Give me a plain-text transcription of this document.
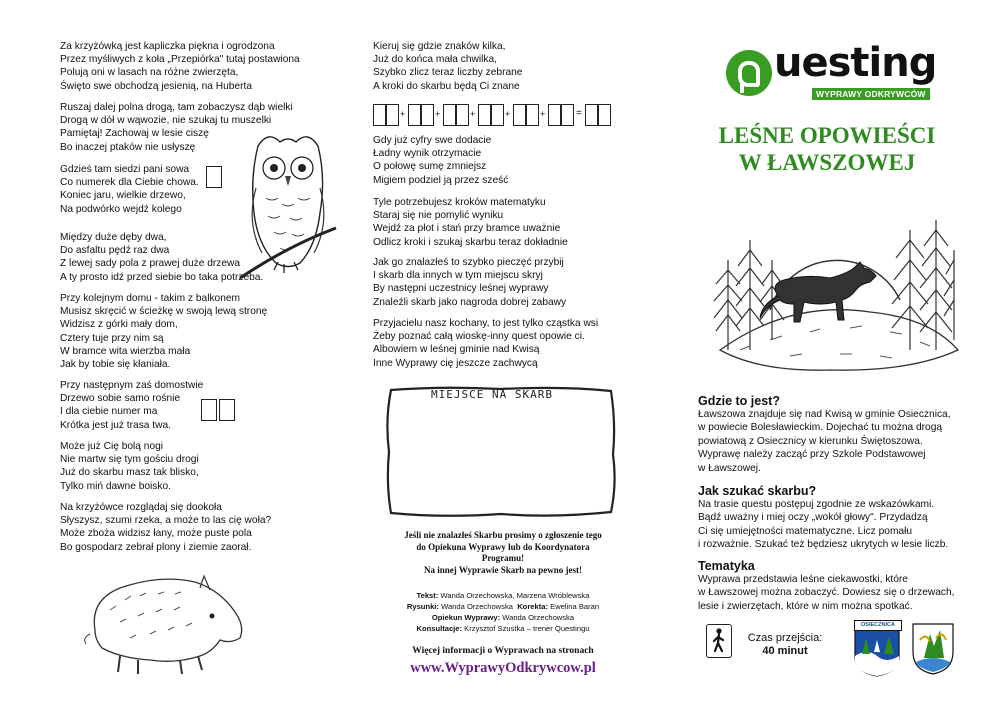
Za krzyżówką jest kapliczka piękna i ogrodzona
Przez myśliwych z koła „Przepiórka" tutaj postawiona
Polują oni w lasach na różne zwierzęta,
Święto swe obchodzą jesienią, na Huberta
Ruszaj dalej polna drogą, tam zobaczysz dąb wielki
Drogą w dół w wąwozie, nie szukaj tu muszelki
Pamiętaj! Zachowaj w lesie ciszę
Bo inaczej ptaków nie usłyszę
Gdzieś tam siedzi pani sowa
Co numerek dla Ciebie chowa.
Koniec jaru, wielkie drzewo,
Na podwórko wejdź kolego
Między duże dęby dwa,
Do asfaltu pędź raz dwa
Z lewej sady pola z prawej duże drzewa
A ty prosto idź przed siebie bo taka potrzeba.
Przy kolejnym domu - takim z balkonem
Musisz skręcić w ścieżkę w swoją lewą stronę
Widzisz z górki mały dom,
Cztery tuje przy nim są
W bramce wita wierzba mała
Jak by tobie się kłaniała.
Przy następnym zaś domostwie
Drzewo sobie samo rośnie
I dla ciebie numer ma
Krótka jest już trasa twa.
Może już Cię bolą nogi
Nie martw się tym gościu drogi
Już do skarbu masz tak blisko,
Tylko miń dawne boisko.
Na krzyżówce rozglądaj się dookoła
Słyszysz, szumi rzeka, a może to las cię woła?
Może zboża widzisz łany, może puste pola
Bo gospodarz zebrał plony i ziemie zaorał.
Kieruj się gdzie znaków kilka,
Już do końca mała chwilka,
Szybko zlicz teraz liczby zebrane
A kroki do skarbu będą Ci znane
+	+	+	+	+	=
Gdy już cyfry swe dodacie
Ładny wynik otrzymacie
O połowę sumę zmniejsz
Migiem podziel ją przez sześć
Tyle potrzebujesz kroków matematyku
Staraj się nie pomylić wyniku
Wejdź za płot i stań przy bramce uważnie
Odlicz kroki i szukaj skarbu teraz dokładnie
Jak go znalazłeś to szybko pieczęć przybij
I skarb dla innych w tym miejscu skryj
By następni uczestnicy leśnej wyprawy
Znaleźli skarb jako nagroda dobrej zabawy
Przyjacielu nasz kochany, to jest tylko cząstka wsi
Żeby poznać całą wioskę-inny quest opowie ci.
Albowiem w leśnej gminie nad Kwisą
Inne Wyprawy cię jeszcze zachwycą
MIEJSCE NA SKARB
Jeśli nie znalazłeś Skarbu prosimy o zgłoszenie tego
do Opiekuna Wyprawy lub do Koordynatora
Programu!
Na innej Wyprawie Skarb na pewno jest!
Tekst: Wanda Orzechowska, Marzena Wróblewska
Rysunki: Wanda Orzechowska Korekta: Ewelina Baran
Opiekun Wyprawy: Wanda Orzechowska
Konsultacje: Krzysztof Szustka – trener Questingu
Więcej informacji o Wyprawach na stronach
www.WyprawyOdkrywcow.pl
uesting
WYPRAWY ODKRYWCÓW
LEŚNE OPOWIEŚCI
W ŁAWSZOWEJ
Gdzie to jest?
Ławszowa znajduje się nad Kwisą w gminie Osiecznica,
w powiecie Bolesławieckim. Dojechać tu można drogą
powiatową z Osiecznicy w kierunku Świętoszowa.
Wyprawę należy zacząć przy Szkole Podstawowej
w Ławszowej.
Jak szukać skarbu?
Na trasie questu postępuj zgodnie ze wskazówkami.
Bądź uważny i miej oczy „wokół głowy". Przydadzą
Ci się umiejętności matematyczne. Licz pomału
i rozważnie. Szukać też będziesz ukrytych w lesie liczb.
Tematyka
Wyprawa przedstawia leśne ciekawostki, które
w Ławszowej można zobaczyć. Dowiesz się o drzewach,
lesie i zwierzętach, które w nim można spotkać.
Czas przejścia:
40 minut
OSIECZNICA
